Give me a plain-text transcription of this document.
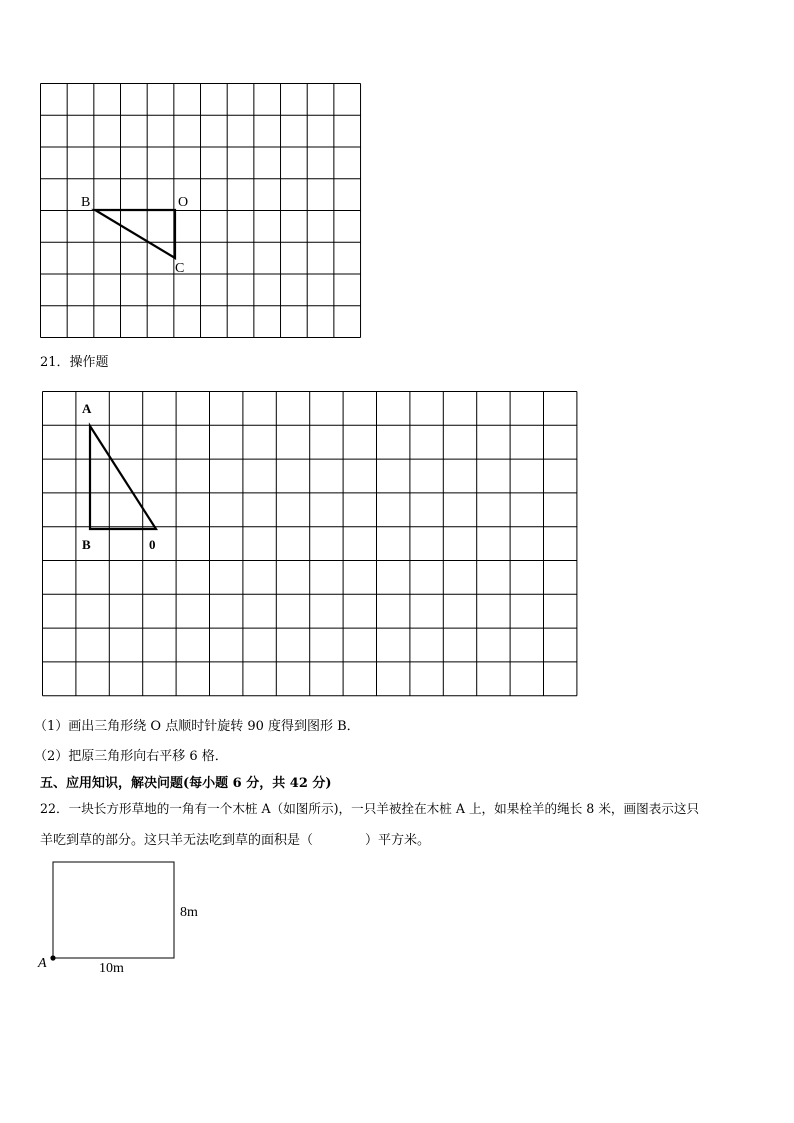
B	O
C
21．操作题
A
B	0
（1）画出三角形绕 O 点顺时针旋转 90 度得到图形 B．
（2）把原三角形向右平移 6 格．
五、应用知识，解决问题(每小题 6 分，共 42 分)
22．一块长方形草地的一角有一个木桩 A（如图所示)，一只羊被拴在木桩 A 上，如果栓羊的绳长 8 米，画图表示这只
羊吃到草的部分。这只羊无法吃到草的面积是（　　　　）平方米。
8m
10m
A
